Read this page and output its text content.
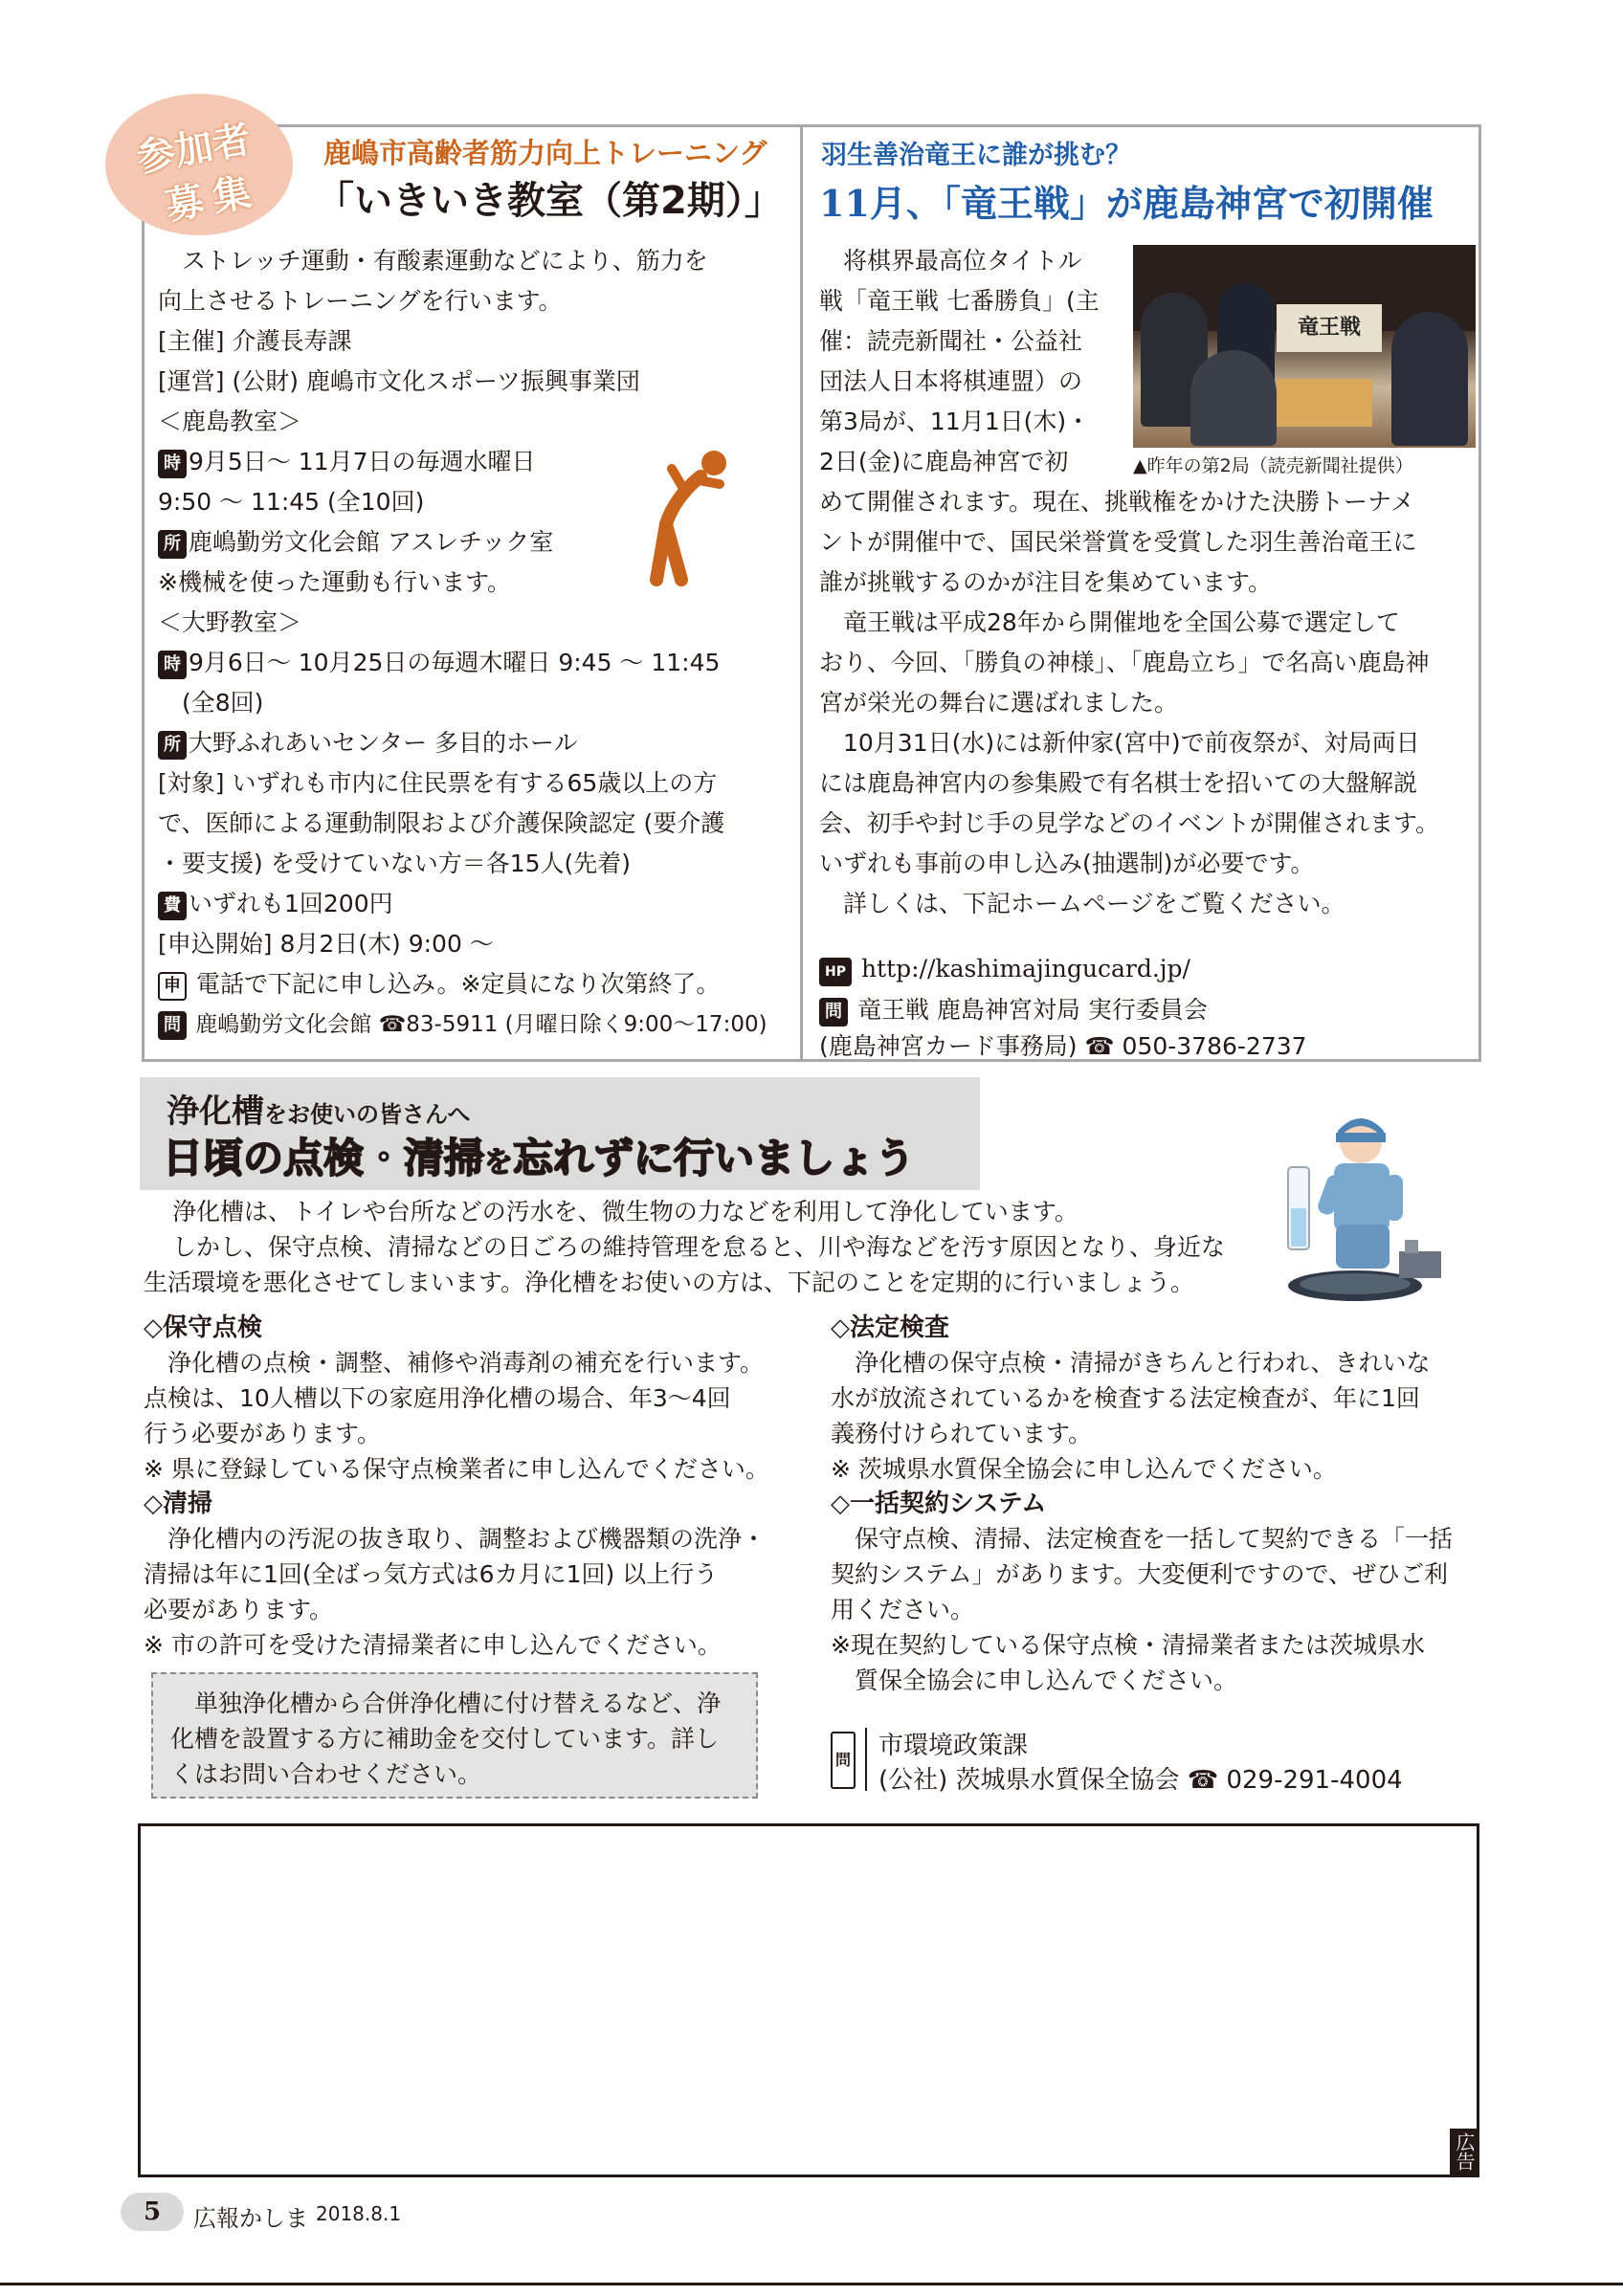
参加者
募集
鹿嶋市高齢者筋力向上トレーニング
「いきいき教室（第2期）」
　ストレッチ運動・有酸素運動などにより、筋力を
向上させるトレーニングを行います。
[主催] 介護長寿課
[運営] (公財) 鹿嶋市文化スポーツ振興事業団
＜鹿島教室＞
時 9月5日～ 11月7日の毎週水曜日
9:50 ～ 11:45 (全10回)
所 鹿嶋勤労文化会館 アスレチック室
※機械を使った運動も行います。
＜大野教室＞
時 9月6日～ 10月25日の毎週木曜日 9:45 ～ 11:45
　(全8回)
所 大野ふれあいセンター 多目的ホール
[対象] いずれも市内に住民票を有する65歳以上の方
で、医師による運動制限および介護保険認定 (要介護
・要支援) を受けていない方＝各15人(先着)
費 いずれも1回200円
[申込開始] 8月2日(木) 9:00 ～
申 電話で下記に申し込み。※定員になり次第終了。
問 鹿嶋勤労文化会館 ☎83-5911 (月曜日除く9:00～17:00)
羽生善治竜王に誰が挑む？
11月、「竜王戦」が鹿島神宮で初開催
竜王戦
▲昨年の第2局（読売新聞社提供）
　将棋界最高位タイトル
戦「竜王戦 七番勝負」(主
催：読売新聞社・公益社
団法人日本将棋連盟）の
第3局が、11月1日(木)・
2日(金)に鹿島神宮で初
めて開催されます。現在、挑戦権をかけた決勝トーナメ
ントが開催中で、国民栄誉賞を受賞した羽生善治竜王に
誰が挑戦するのかが注目を集めています。
　竜王戦は平成28年から開催地を全国公募で選定して
おり、今回、「勝負の神様」、「鹿島立ち」で名高い鹿島神
宮が栄光の舞台に選ばれました。
　10月31日(水)には新仲家(宮中)で前夜祭が、対局両日
には鹿島神宮内の参集殿で有名棋士を招いての大盤解説
会、初手や封じ手の見学などのイベントが開催されます。
いずれも事前の申し込み(抽選制)が必要です。
　詳しくは、下記ホームページをご覧ください。
HP http://kashimajingucard.jp/
問 竜王戦 鹿島神宮対局 実行委員会
(鹿島神宮カード事務局) ☎ 050-3786-2737
浄化槽をお使いの皆さんへ
日頃の点検・清掃を忘れずに行いましょう
浄化槽は、トイレや台所などの汚水を、微生物の力などを利用して浄化しています。
しかし、保守点検、清掃などの日ごろの維持管理を怠ると、川や海などを汚す原因となり、身近な
生活環境を悪化させてしまいます。浄化槽をお使いの方は、下記のことを定期的に行いましょう。
◇保守点検
　浄化槽の点検・調整、補修や消毒剤の補充を行います。
点検は、10人槽以下の家庭用浄化槽の場合、年3～4回
行う必要があります。
※ 県に登録している保守点検業者に申し込んでください。
◇清掃
　浄化槽内の汚泥の抜き取り、調整および機器類の洗浄・
清掃は年に1回(全ばっ気方式は6カ月に1回) 以上行う
必要があります。
※ 市の許可を受けた清掃業者に申し込んでください。
　単独浄化槽から合併浄化槽に付け替えるなど、浄
化槽を設置する方に補助金を交付しています。詳し
くはお問い合わせください。
◇法定検査
　浄化槽の保守点検・清掃がきちんと行われ、きれいな
水が放流されているかを検査する法定検査が、年に1回
義務付けられています。
※ 茨城県水質保全協会に申し込んでください。
◇一括契約システム
　保守点検、清掃、法定検査を一括して契約できる「一括
契約システム」があります。大変便利ですので、ぜひご利
用ください。
※現在契約している保守点検・清掃業者または茨城県水
　質保全協会に申し込んでください。
問 市環境政策課
(公社) 茨城県水質保全協会 ☎ 029-291-4004
広告
5 広報かしま 2018.8.1
